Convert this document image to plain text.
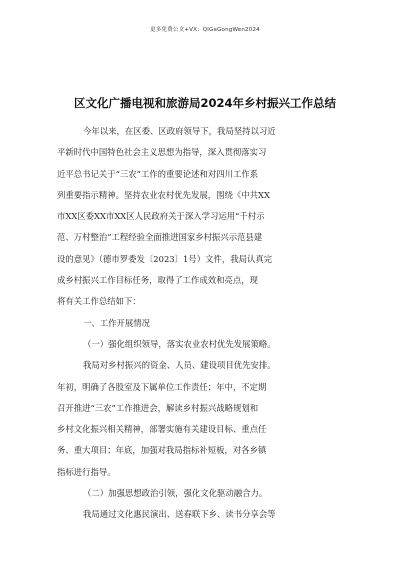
更多免费公文+VX：QiGeGongWen2024
区文化广播电视和旅游局2024年乡村振兴工作总结
今年以来，在区委、区政府领导下，我局坚持以习近
平新时代中国特色社会主义思想为指导，深入贯彻落实习
近平总书记关于“三农”工作的重要论述和对四川工作系
列重要指示精神。坚持农业农村优先发展，围绕《中共XX
市XX区委XX市XX区人民政府关于深入学习运用“千村示
范、万村整治”工程经验全面推进国家乡村振兴示范县建
设的意见》（德市罗委发〔2023〕1号）文件，我局认真完
成乡村振兴工作目标任务，取得了工作成效和亮点，现
将有关工作总结如下：
一、工作开展情况
（一）强化组织领导，落实农业农村优先发展策略。
我局对乡村振兴的资金、人员、建设项目优先安排。
年初，明确了各股室及下属单位工作责任；年中，不定期
召开推进“三农”工作推进会，解读乡村振兴战略规划和
乡村文化振兴相关精神，部署实施有关建设目标、重点任
务、重大项目；年底，加强对我局指标补短板，对各乡镇
指标进行指导。
（二）加强思想政治引领，强化文化驱动融合力。
我局通过文化惠民演出、送春联下乡、读书分享会等
